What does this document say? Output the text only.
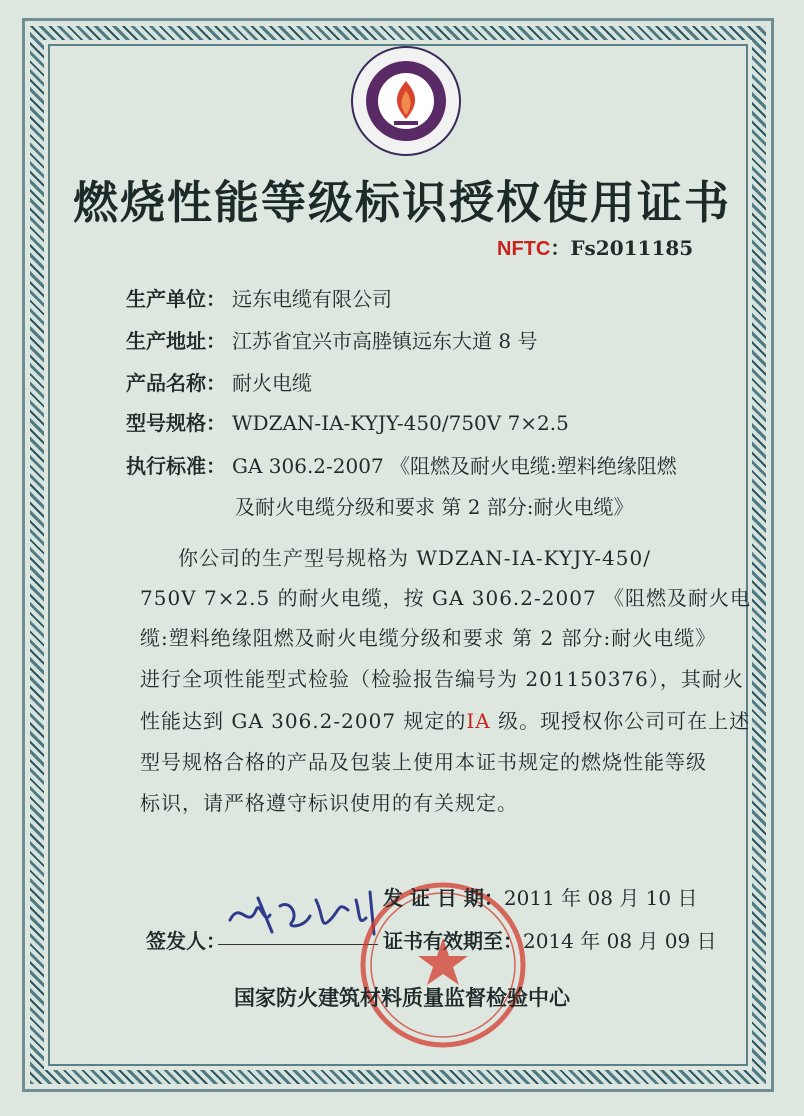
燃烧性能等级标识授权使用证书
NFTC：Fs2011185
生产单位： 远东电缆有限公司
生产地址： 江苏省宜兴市高塍镇远东大道 8 号
产品名称： 耐火电缆
型号规格： WDZAN-ⅠA-KYJY-450/750V 7×2.5
执行标准： GA 306.2-2007 《阻燃及耐火电缆:塑料绝缘阻燃
及耐火电缆分级和要求 第 2 部分:耐火电缆》
你公司的生产型号规格为 WDZAN-ⅠA-KYJY-450/
750V 7×2.5 的耐火电缆，按 GA 306.2-2007 《阻燃及耐火电
缆:塑料绝缘阻燃及耐火电缆分级和要求 第 2 部分:耐火电缆》
进行全项性能型式检验（检验报告编号为 201150376），其耐火
性能达到 GA 306.2-2007 规定的ⅠA 级。现授权你公司可在上述
型号规格合格的产品及包装上使用本证书规定的燃烧性能等级
标识，请严格遵守标识使用的有关规定。
发 证 日 期：2011 年 08 月 10 日
证书有效期至：2014 年 08 月 09 日
签发人：
国家防火建筑材料质量监督检验中心
